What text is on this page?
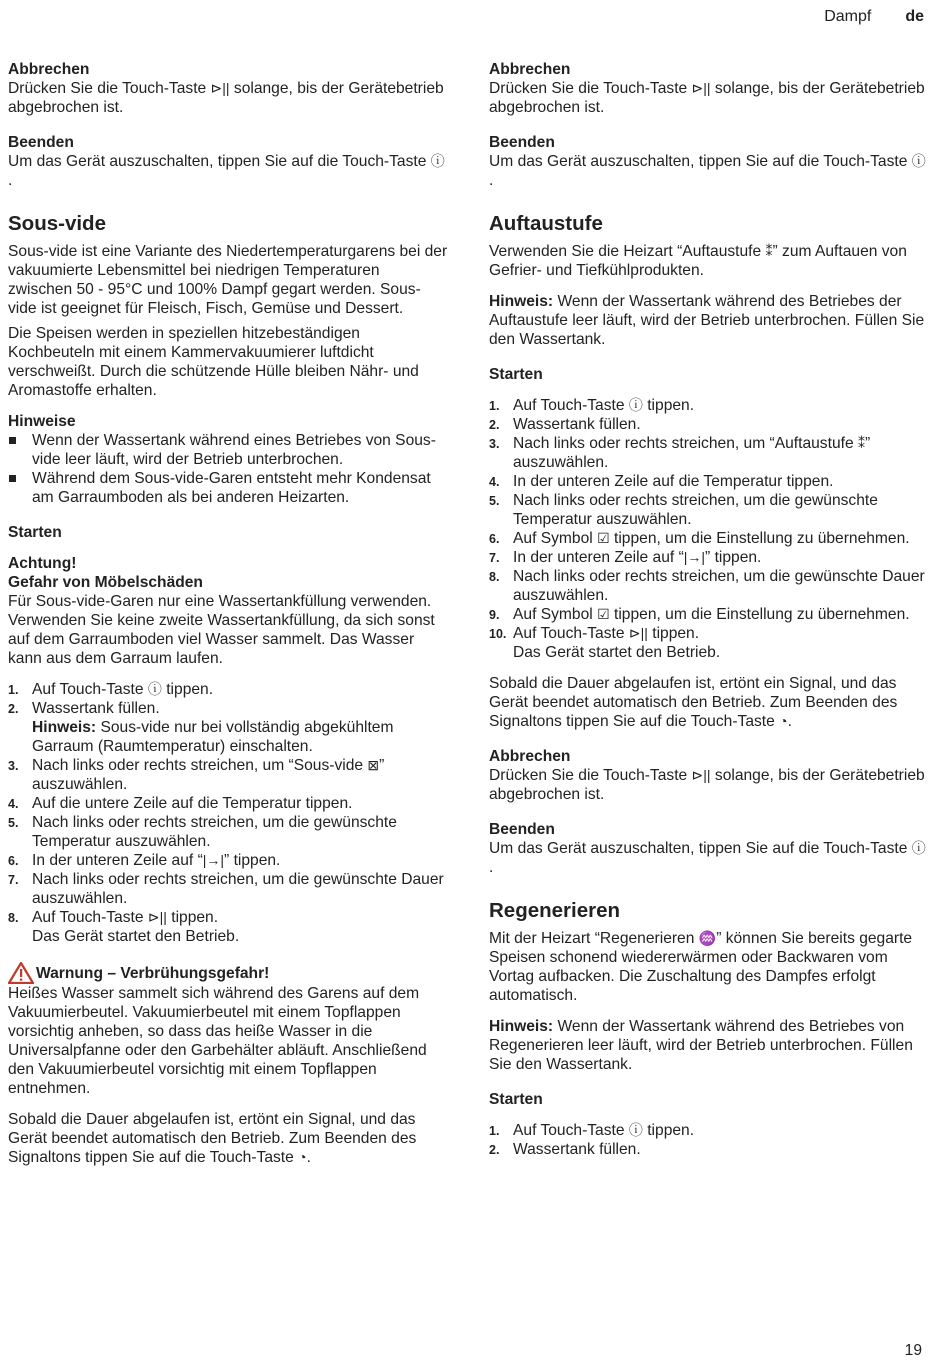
Dampf de
Abbrechen

Drücken Sie die Touch-Taste ⊳|| solange, bis der Gerätebetrieb abgebrochen ist.

Beenden

Um das Gerät auszuschalten, tippen Sie auf die Touch-Taste ⓘ.

Sous-vide

Sous-vide ist eine Variante des Niedertemperaturgarens bei der vakuumierte Lebensmittel bei niedrigen Temperaturen zwischen 50 - 95°C und 100% Dampf gegart werden. Sous-vide ist geeignet für Fleisch, Fisch, Gemüse und Dessert.

Die Speisen werden in speziellen hitzebeständigen Kochbeuteln mit einem Kammervakuumierer luftdicht verschweißt. Durch die schützende Hülle bleiben Nähr- und Aromastoffe erhalten.

Hinweise
Wenn der Wassertank während eines Betriebes von Sous-vide leer läuft, wird der Betrieb unterbrochen.
Während dem Sous-vide-Garen entsteht mehr Kondensat am Garraumboden als bei anderen Heizarten.
Starten
Achtung!
Gefahr von Möbelschäden

Für Sous-vide-Garen nur eine Wassertankfüllung verwenden. Verwenden Sie keine zweite Wassertankfüllung, da sich sonst auf dem Garraumboden viel Wasser sammelt. Das Wasser kann aus dem Garraum laufen.

1. Auf Touch-Taste ⓘ tippen.
2. Wassertank füllen.
Hinweis: Sous-vide nur bei vollständig abgekühltem Garraum (Raumtemperatur) einschalten.
3. Nach links oder rechts streichen, um “Sous-vide ⊠” auszuwählen.
4. Auf die untere Zeile auf die Temperatur tippen.
5. Nach links oder rechts streichen, um die gewünschte Temperatur auszuwählen.
6. In der unteren Zeile auf “|→|” tippen.
7. Nach links oder rechts streichen, um die gewünschte Dauer auszuwählen.
8. Auf Touch-Taste ⊳|| tippen.
Das Gerät startet den Betrieb.
Warnung – Verbrühungsgefahr!

Heißes Wasser sammelt sich während des Garens auf dem Vakuumierbeutel. Vakuumierbeutel mit einem Topflappen vorsichtig anheben, so dass das heiße Wasser in die Universalpfanne oder den Garbehälter abläuft. Anschließend den Vakuumierbeutel vorsichtig mit einem Topflappen entnehmen.

Sobald die Dauer abgelaufen ist, ertönt ein Signal, und das Gerät beendet automatisch den Betrieb. Zum Beenden des Signaltons tippen Sie auf die Touch-Taste ◔.

Abbrechen

Drücken Sie die Touch-Taste ⊳|| solange, bis der Gerätebetrieb abgebrochen ist.

Beenden

Um das Gerät auszuschalten, tippen Sie auf die Touch-Taste ⓘ.

Auftaustufe

Verwenden Sie die Heizart “Auftaustufe ⁑” zum Auftauen von Gefrier- und Tiefkühlprodukten.

Hinweis: Wenn der Wassertank während des Betriebes der Auftaustufe leer läuft, wird der Betrieb unterbrochen. Füllen Sie den Wassertank.

Starten
1. Auf Touch-Taste ⓘ tippen.
2. Wassertank füllen.
3. Nach links oder rechts streichen, um “Auftaustufe ⁑” auszuwählen.
4. In der unteren Zeile auf die Temperatur tippen.
5. Nach links oder rechts streichen, um die gewünschte Temperatur auszuwählen.
6. Auf Symbol ☑ tippen, um die Einstellung zu übernehmen.
7. In der unteren Zeile auf “|→|” tippen.
8. Nach links oder rechts streichen, um die gewünschte Dauer auszuwählen.
9. Auf Symbol ☑ tippen, um die Einstellung zu übernehmen.
10. Auf Touch-Taste ⊳|| tippen.
Das Gerät startet den Betrieb.

Sobald die Dauer abgelaufen ist, ertönt ein Signal, und das Gerät beendet automatisch den Betrieb. Zum Beenden des Signaltons tippen Sie auf die Touch-Taste ◔.

Abbrechen

Drücken Sie die Touch-Taste ⊳|| solange, bis der Gerätebetrieb abgebrochen ist.

Beenden

Um das Gerät auszuschalten, tippen Sie auf die Touch-Taste ⓘ.

Regenerieren

Mit der Heizart “Regenerieren ♒” können Sie bereits gegarte Speisen schonend wiedererwärmen oder Backwaren vom Vortag aufbacken. Die Zuschaltung des Dampfes erfolgt automatisch.

Hinweis: Wenn der Wassertank während des Betriebes von Regenerieren leer läuft, wird der Betrieb unterbrochen. Füllen Sie den Wassertank.

Starten
1. Auf Touch-Taste ⓘ tippen.
2. Wassertank füllen.
19
